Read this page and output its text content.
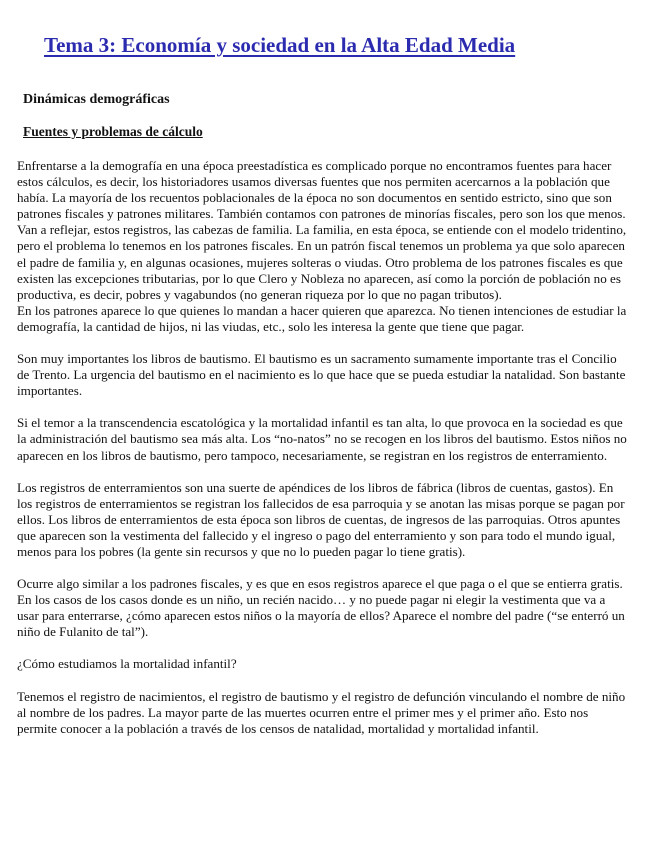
Tema 3: Economía y sociedad en la Alta Edad Media
Dinámicas demográficas
Fuentes y problemas de cálculo

Enfrentarse a la demografía en una época preestadística es complicado porque no encontramos fuentes para hacer estos cálculos, es decir, los historiadores usamos diversas fuentes que nos permiten acercarnos a la población que había. La mayoría de los recuentos poblacionales de la época no son documentos en sentido estricto, sino que son patrones fiscales y patrones militares. También contamos con patrones de minorías fiscales, pero son los que menos. Van a reflejar, estos registros, las cabezas de familia. La familia, en esta época, se entiende con el modelo tridentino, pero el problema lo tenemos en los patrones fiscales. En un patrón fiscal tenemos un problema ya que solo aparecen el padre de familia y, en algunas ocasiones, mujeres solteras o viudas. Otro problema de los patrones fiscales es que existen las excepciones tributarias, por lo que Clero y Nobleza no aparecen, así como la porción de población no es productiva, es decir, pobres y vagabundos (no generan riqueza por lo que no pagan tributos).

En los patrones aparece lo que quienes lo mandan a hacer quieren que aparezca. No tienen intenciones de estudiar la demografía, la cantidad de hijos, ni las viudas, etc., solo les interesa la gente que tiene que pagar.

Son muy importantes los libros de bautismo. El bautismo es un sacramento sumamente importante tras el Concilio de Trento. La urgencia del bautismo en el nacimiento es lo que hace que se pueda estudiar la natalidad. Son bastante importantes.

Si el temor a la transcendencia escatológica y la mortalidad infantil es tan alta, lo que provoca en la sociedad es que la administración del bautismo sea más alta. Los “no-natos” no se recogen en los libros del bautismo. Estos niños no aparecen en los libros de bautismo, pero tampoco, necesariamente, se registran en los registros de enterramiento.

Los registros de enterramientos son una suerte de apéndices de los libros de fábrica (libros de cuentas, gastos). En los registros de enterramientos se registran los fallecidos de esa parroquia y se anotan las misas porque se pagan por ellos. Los libros de enterramientos de esta época son libros de cuentas, de ingresos de las parroquias. Otros apuntes que aparecen son la vestimenta del fallecido y el ingreso o pago del enterramiento y son para todo el mundo igual, menos para los pobres (la gente sin recursos y que no lo pueden pagar lo tiene gratis).

Ocurre algo similar a los padrones fiscales, y es que en esos registros aparece el que paga o el que se entierra gratis. En los casos de los casos donde es un niño, un recién nacido… y no puede pagar ni elegir la vestimenta que va a usar para enterrarse, ¿cómo aparecen estos niños o la mayoría de ellos? Aparece el nombre del padre (“se enterró un niño de Fulanito de tal”).

¿Cómo estudiamos la mortalidad infantil?

Tenemos el registro de nacimientos, el registro de bautismo y el registro de defunción vinculando el nombre de niño al nombre de los padres. La mayor parte de las muertes ocurren entre el primer mes y el primer año. Esto nos permite conocer a la población a través de los censos de natalidad, mortalidad y mortalidad infantil.
